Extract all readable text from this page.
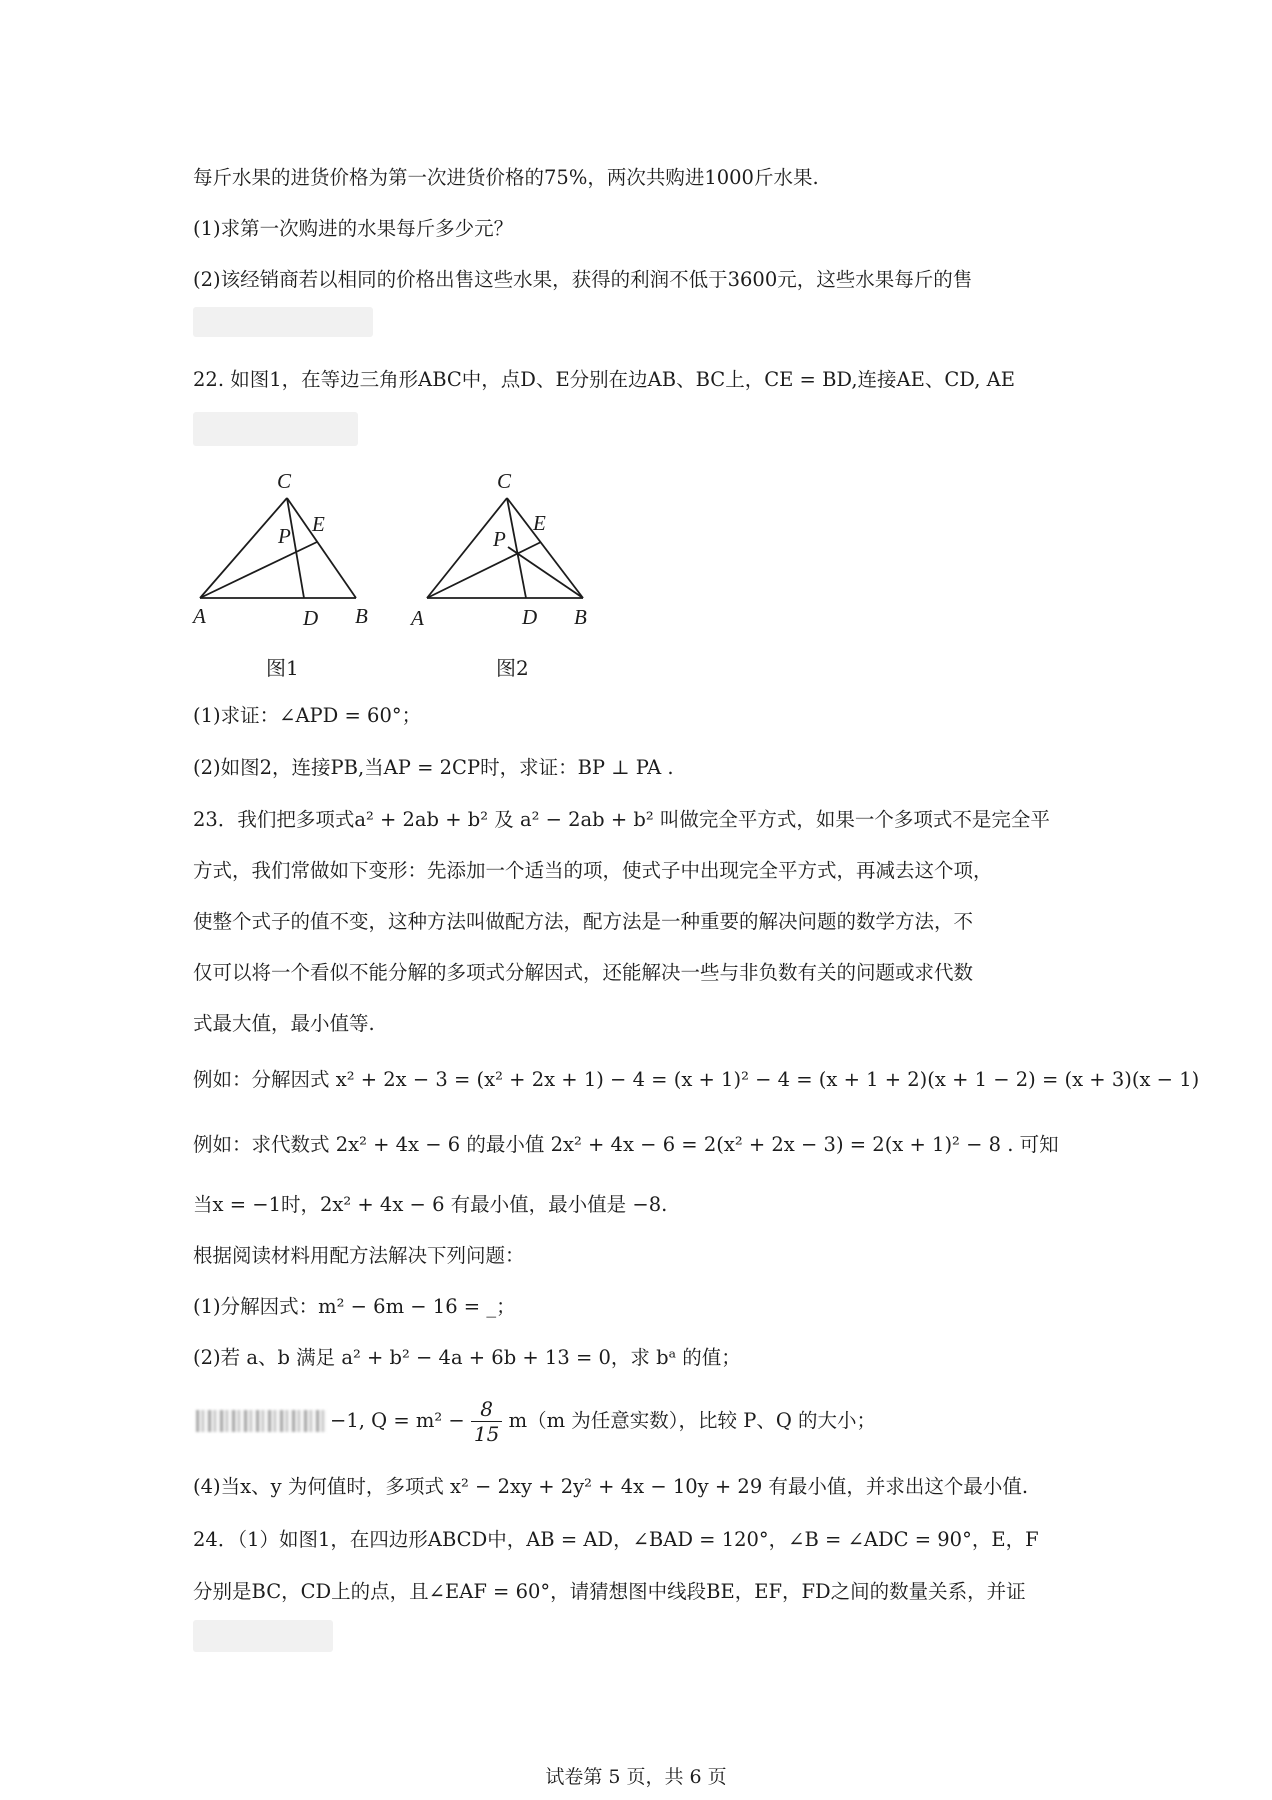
每斤水果的进货价格为第一次进货价格的75%，两次共购进1000斤水果.
(1)求第一次购进的水果每斤多少元？
(2)该经销商若以相同的价格出售这些水果，获得的利润不低于3600元，这些水果每斤的售
22. 如图1，在等边三角形ABC中，点D、E分别在边AB、BC上，CE = BD,连接AE、CD, AE
C
E
P
A	D B
图1
C
E
P
A	D B
图2
(1)求证：∠APD = 60°；
(2)如图2，连接PB,当AP = 2CP时，求证：BP ⊥ PA .
23．我们把多项式a² + 2ab + b² 及 a² − 2ab + b² 叫做完全平方式，如果一个多项式不是完全平
方式，我们常做如下变形：先添加一个适当的项，使式子中出现完全平方式，再减去这个项，
使整个式子的值不变，这种方法叫做配方法，配方法是一种重要的解决问题的数学方法，不
仅可以将一个看似不能分解的多项式分解因式，还能解决一些与非负数有关的问题或求代数
式最大值，最小值等.
例如：分解因式 x² + 2x − 3 = (x² + 2x + 1) − 4 = (x + 1)² − 4 = (x + 1 + 2)(x + 1 − 2) = (x + 3)(x − 1)
例如：求代数式 2x² + 4x − 6 的最小值 2x² + 4x − 6 = 2(x² + 2x − 3) = 2(x + 1)² − 8 . 可知
当x = −1时，2x² + 4x − 6 有最小值，最小值是 −8.
根据阅读材料用配方法解决下列问题：
(1)分解因式：m² − 6m − 16 = _；
(2)若 a、b 满足 a² + b² − 4a + 6b + 13 = 0，求 bᵃ 的值；
−1, $Q = m^2 - \frac{8}{15} m(m$ 为任意实数），比较 P、Q 的大小；
(4)当x、y 为何值时，多项式 x² − 2xy + 2y² + 4x − 10y + 29 有最小值，并求出这个最小值.
24．（1）如图1，在四边形ABCD中，AB = AD，∠BAD = 120°，∠B = ∠ADC = 90°，E，F
分别是BC，CD上的点，且∠EAF = 60°，请猜想图中线段BE，EF，FD之间的数量关系，并证
试卷第 5 页，共 6 页
